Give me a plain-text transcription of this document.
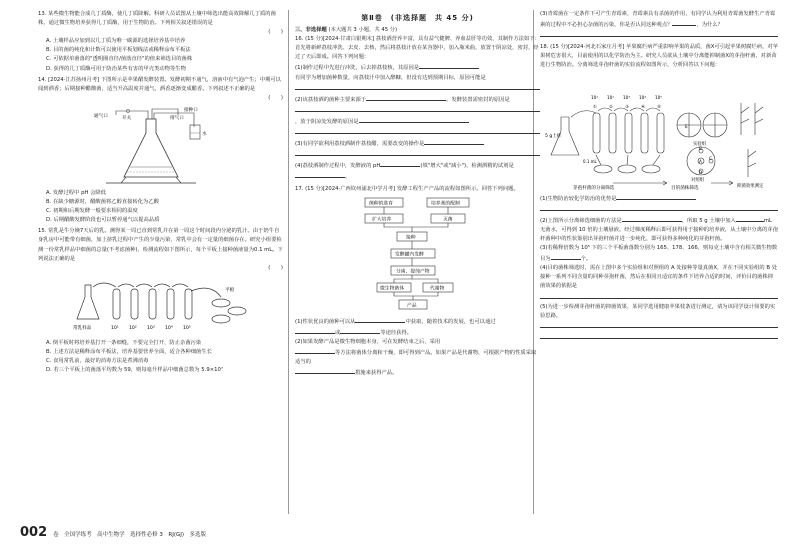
13. 某些微生物能合成几丁质酶，使几丁质降解。科研人员试图从土壤中筛选出能高效降解几丁质的菌株，通过微生物培养获得几丁质酶，用于生物防治。下列相关叙述错误的是
(　　)
A. 土壤样品应加到以几丁质为唯一碳源的选择培养基中培养
B. 目的菌的纯化和计数可以使用平板划线法或稀释涂布平板法
C. 可依据单菌落的"透明圈直径/菌落直径"的值来筛选目的菌株
D. 获得的几丁质酶可用于防治某些有害的甲壳类动物等生物
14. [2024·江苏扬州月考] 下图所示是苹果醋发酵装置。发酵初期不通气，溶液中有气泡产生；中期可以闻到酒香；后期接种醋酸菌，适当升高温度并通气，酒香逐渐变成醋香。下列叙述不正确的是
(　　)
通气口	开关	排气口
接种口
水
A. 发酵过程中 pH 会降低
B. 在缺少糖源时，醋酸菌将乙醇直接转化为乙酸
C. 初期和后期发酵一般要求相同的温度
D. 后期醋酸发酵阶段也可以暂停通气以提高品质
15. 常乳是牛分娩7天后的乳。测得某一周已直到常乳并在第一周这个时间段内分泌的乳汁。由于奶牛自身乳房中可能带有细菌，加上挤乳过程中产生的少量污染，常乳中会有一定量的细菌存在。研究小组要检测一份常乳样品中细菌的总量(不考虑菌种)，检测流程如下图所示，每个平板上接种菌液量为0.1 mL。下列说法正确的是
(　　)
常乳样品	10¹ 10² 10³ 10⁴ 10⁵
平板
A. 倒平板时将培养基打开一条细缝，不要完全打开，防止杂菌污染
B. 上述方法是稀释涂布平板法，培养基要营养全面，适合各种细菌生长
C. 食用常乳前，最好的消毒方法是煮沸消毒
D. 若三个平板上的菌落平均数为 59，则每毫升样品中细菌总数为 5.9×10⁷
第Ⅱ卷　(非选择题　共 45 分)
三、非选择题 (本大题共 3 小题，共 45 分)
16. (15 分)[2024·甘肃白银期末] 荔枝酒营养丰富，具有益气健脾、养血益肝等功效，其制作方法如下：首先将新鲜荔枝冲洗、去皮、去核，然后将荔枝汁放在某容器中，加入瓶米曲，放置于阴凉处，密封，经过了天后即成。回答下列问题：
(1)制作过程中先进行冲洗，后去掉荔枝核，其原因是
有同学为增加菌种数量，向荔枝汁中加入酵糠，但没有达到预期目标，原因可能是
(2)该荔枝酒的菌种主要来源于	。发酵装置需密封的原因是
，放于阴凉处发酵的原因是
(3)有同学欲利用荔枝酒制作荔枝醋，需要改变的操作是
(4)荔枝酒制作过程中，发酵液的 pH	(填"增大"或"减小")，检测酒精的试剂是。
17. (15 分)[2024·广西钦州浦北中学月考] 发酵工程生产产品的流程如图所示。回答下列问题。
菌种的选育	培养基的配制
扩大培养	灭菌
接种
发酵罐内发酵
分离、提纯产物
微生物菌体	代谢物
产品
(1)性状优良的菌种可以从	中获取，随着技术的发展，也可以通过
或	等途径获得。
(2)如果发酵产品是微生物细胞本身，可在发酵结束之后，采用
等方法将菌体分离和干燥，即可得到产品。如果产品是代谢物，可根据产物的性质采取适当的
措施来获得产品。
(3)青霉菌在一定条件下可产生青霉素，青霉素具有杀菌的作用，有同学认为利用青霉菌发酵生产青霉素的过程中不必担心杂菌的污染，你是否认同这种观点？	，为什么？
18. (15 分)[2024·河北石家庄月考] 苹果腐烂病严重影响苹果的品质，菌X可引起苹果树腐烂病，对苹果树危害很大，目前使用的以化学防治为主。研究人员欲从土壤中分离能抑制菌X的芽孢杆菌，对新苗进行生物防治。分离筛选芽孢杆菌的实验流程如图所示，分析回答以下问题：
5 g土样
①	②	③	④	⑤
10¹ 10² 10³ 10⁴ 10⁵
0.1 mL
实验组
对照组
芽孢杆菌的分离筛选	目的菌株筛选	抑菌效果测定
A
B
C
D
E
(1)生物防治较化学防治的优势是
(2)上图所示分离筛选细菌的方法是	，所取 5 g 土壤中加入	mL 无菌水，可得到 10 倍的土壤悬液。经过梯度稀释后即可获得用于接种的培养液，从土壤中分离的芽孢杆菌种中的性状鉴别出芽孢杆菌并进一步纯化，即可获得多种纯化的芽孢杆菌。
(3)若稀释倍数为 10⁵ 下的三个平板菌落数分别为 165、178、166，则每克土壤中含有相关微生物数目为	个。
(4)目的菌株筛选时，需在上图中多个实验组和对照组的 A 处接种等量真菌X，并在不同实验组的 B 处接种一系列不同含量的同种芽孢杆菌，然后在相同且适宜的条件下培养合适的时间，评价目的菌株抑菌效果的依据是
(5)为进一步检测芽孢杆菌的抑菌效果，某同学选用健康苹果枝条进行测定，请为该同学设计简要的实验思路。
002 卷　全国学练考　高中生物学　选择性必修 3　RJ(GJ)　多选版
